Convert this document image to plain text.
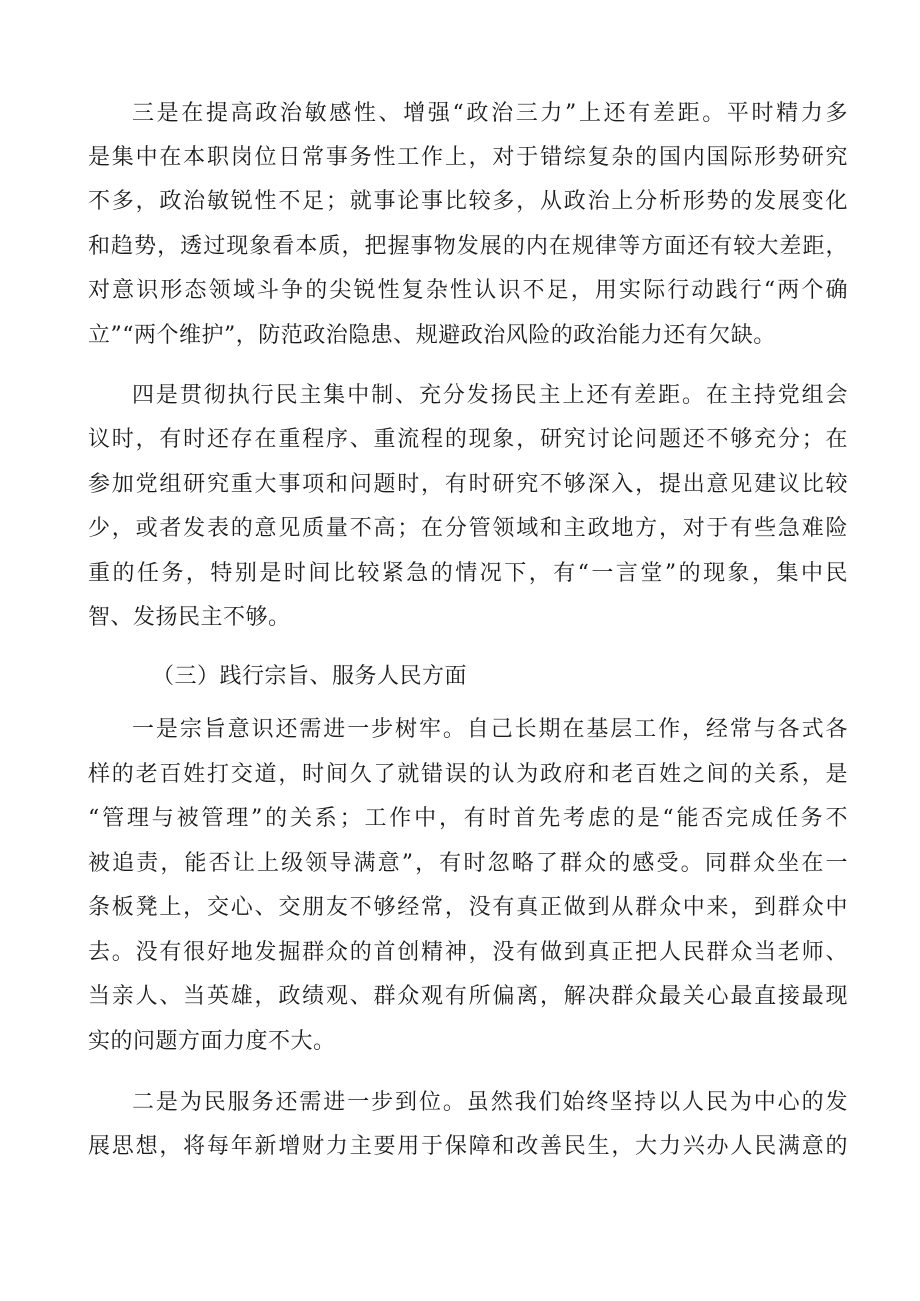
三是在提高政治敏感性、增强“政治三力”上还有差距。平时精力多
是集中在本职岗位日常事务性工作上，对于错综复杂的国内国际形势研究
不多，政治敏锐性不足；就事论事比较多，从政治上分析形势的发展变化
和趋势，透过现象看本质，把握事物发展的内在规律等方面还有较大差距，
对意识形态领域斗争的尖锐性复杂性认识不足，用实际行动践行“两个确
立”“两个维护”，防范政治隐患、规避政治风险的政治能力还有欠缺。
四是贯彻执行民主集中制、充分发扬民主上还有差距。在主持党组会
议时，有时还存在重程序、重流程的现象，研究讨论问题还不够充分；在
参加党组研究重大事项和问题时，有时研究不够深入，提出意见建议比较
少，或者发表的意见质量不高；在分管领域和主政地方，对于有些急难险
重的任务，特别是时间比较紧急的情况下，有“一言堂”的现象，集中民
智、发扬民主不够。
（三）践行宗旨、服务人民方面
一是宗旨意识还需进一步树牢。自己长期在基层工作，经常与各式各
样的老百姓打交道，时间久了就错误的认为政府和老百姓之间的关系，是
“管理与被管理”的关系；工作中，有时首先考虑的是“能否完成任务不
被追责，能否让上级领导满意”，有时忽略了群众的感受。同群众坐在一
条板凳上，交心、交朋友不够经常，没有真正做到从群众中来，到群众中
去。没有很好地发掘群众的首创精神，没有做到真正把人民群众当老师、
当亲人、当英雄，政绩观、群众观有所偏离，解决群众最关心最直接最现
实的问题方面力度不大。
二是为民服务还需进一步到位。虽然我们始终坚持以人民为中心的发
展思想，将每年新增财力主要用于保障和改善民生，大力兴办人民满意的
